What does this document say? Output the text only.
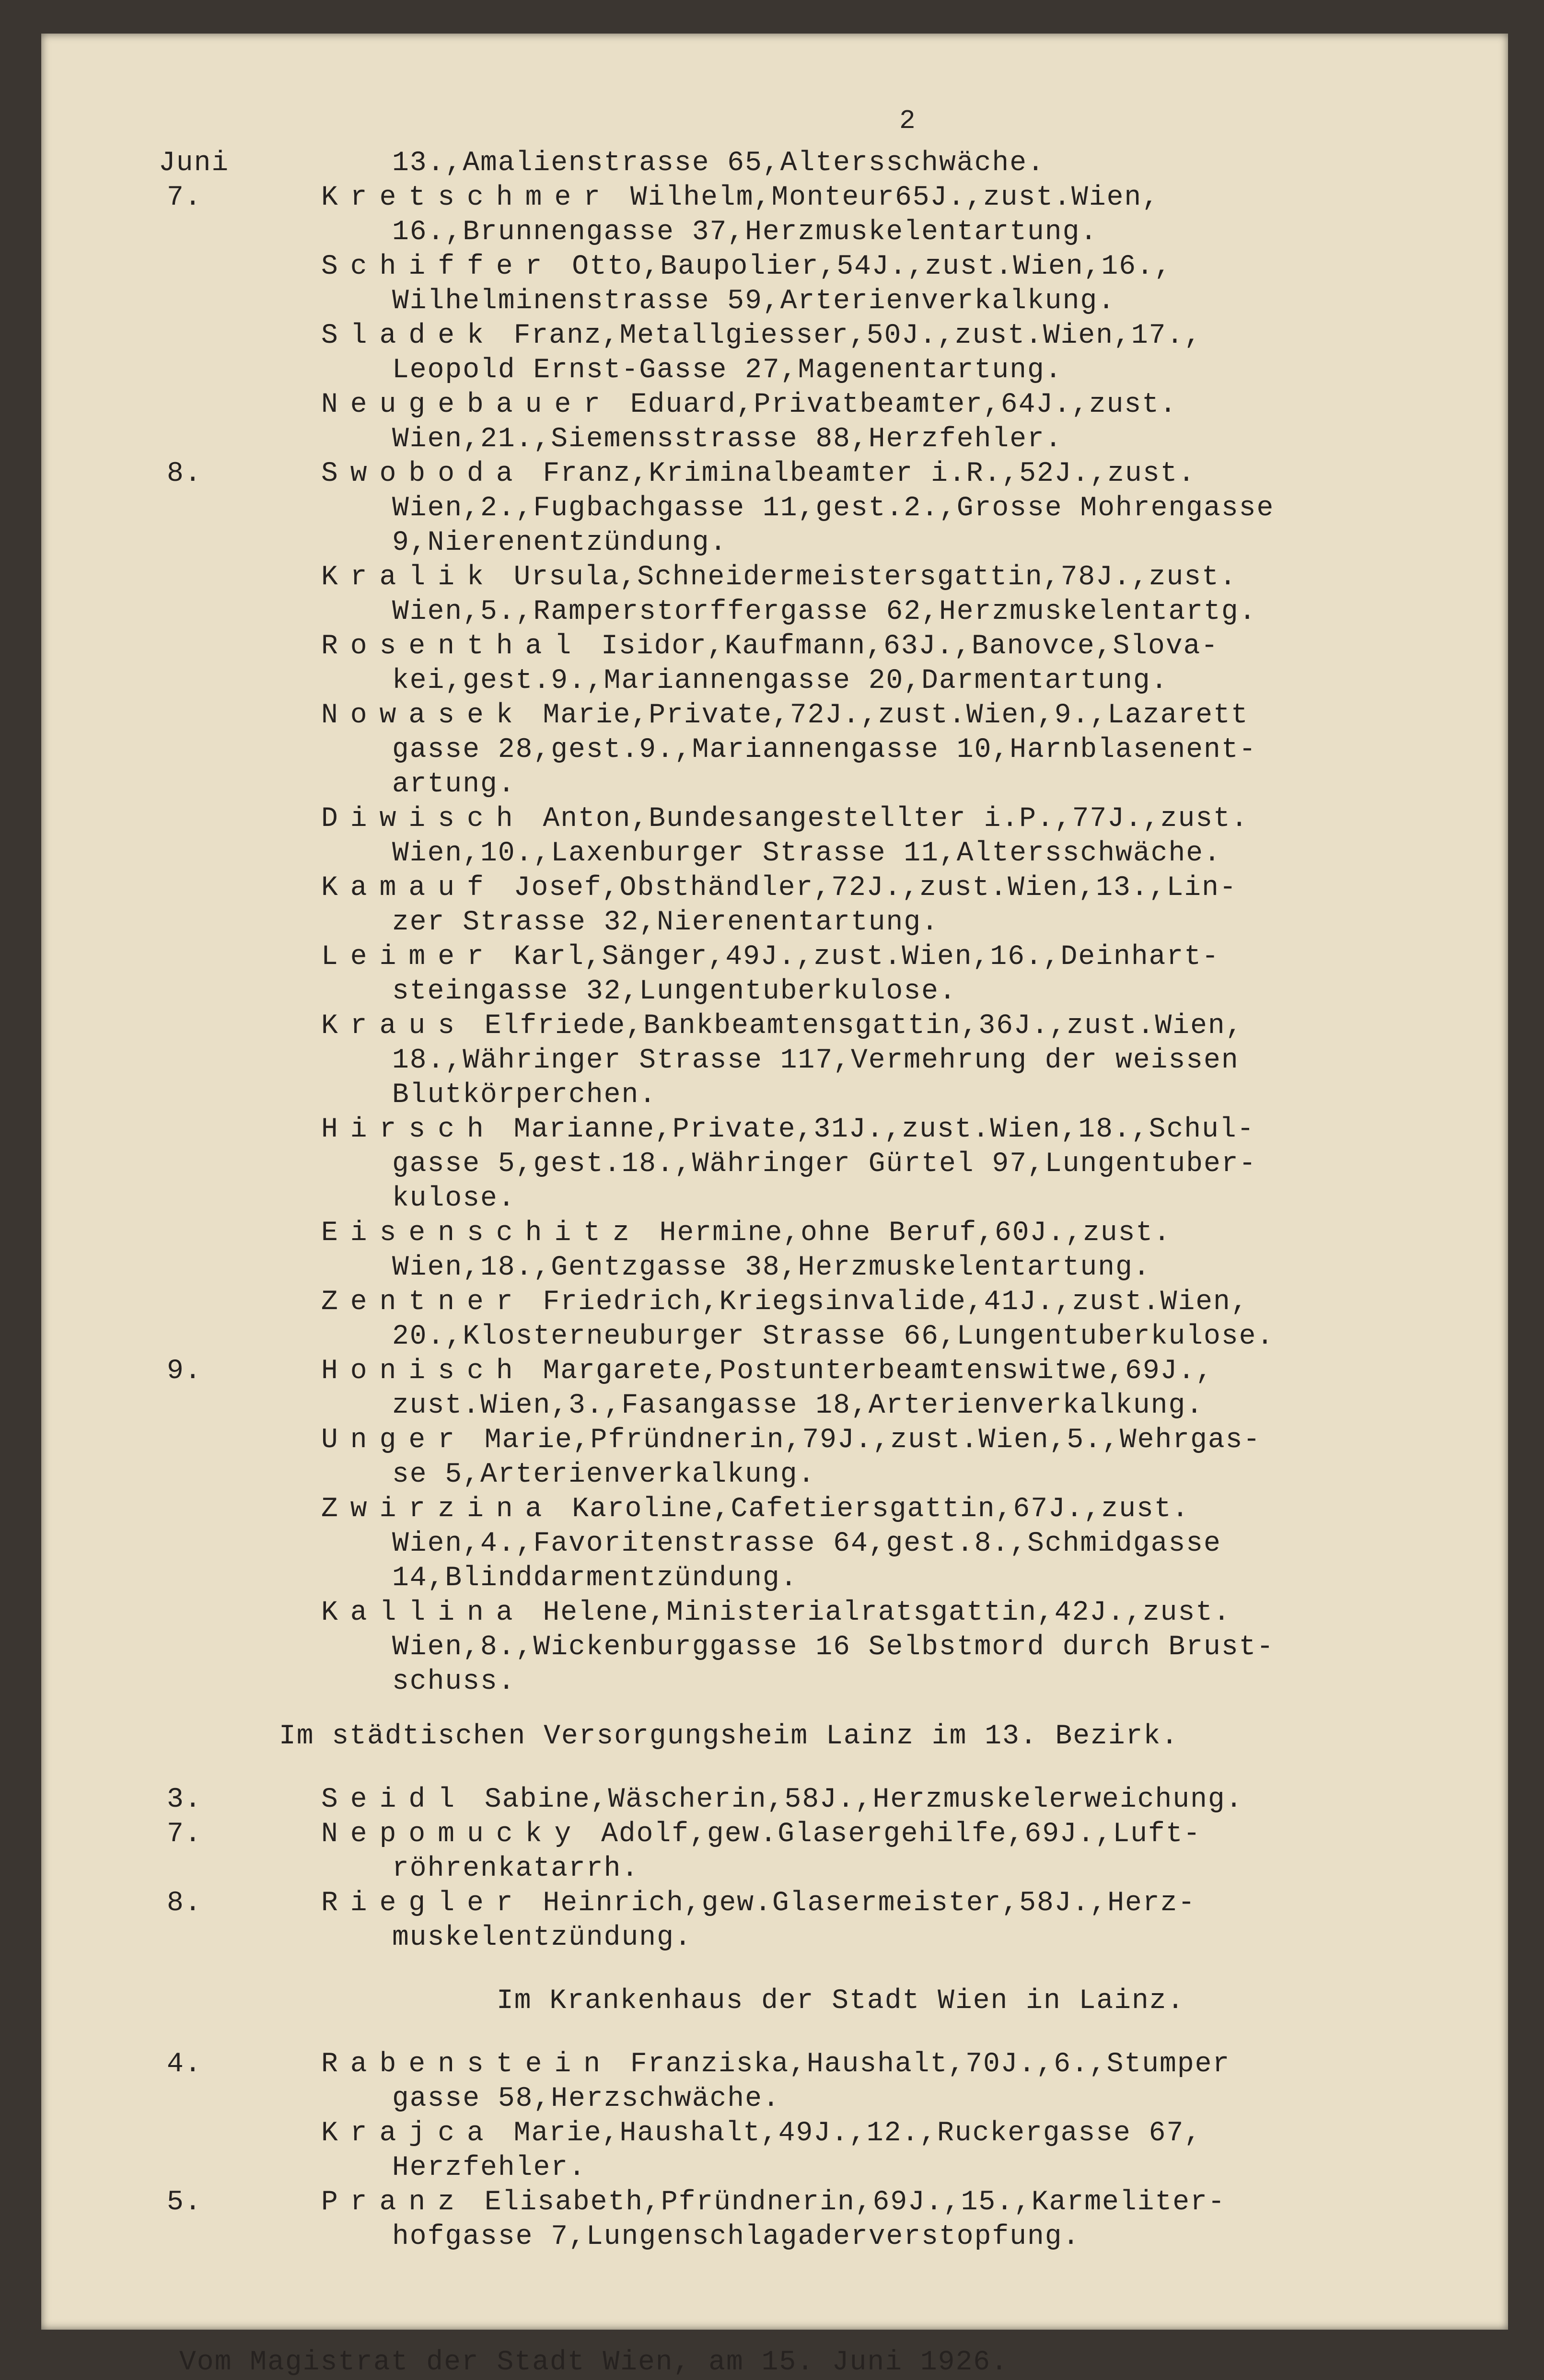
2
Juni	13.,Amalienstrasse 65,Altersschwäche.
7.	Kretschmer Wilhelm,Monteur65J.,zust.Wien,
16.,Brunnengasse 37,Herzmuskelentartung.
Schiffer Otto,Baupolier,54J.,zust.Wien,16.,
Wilhelminenstrasse 59,Arterienverkalkung.
Sladek Franz,Metallgiesser,50J.,zust.Wien,17.,
Leopold Ernst-Gasse 27,Magenentartung.
Neugebauer Eduard,Privatbeamter,64J.,zust.
Wien,21.,Siemensstrasse 88,Herzfehler.
8.	Swoboda Franz,Kriminalbeamter i.R.,52J.,zust.
Wien,2.,Fugbachgasse 11,gest.2.,Grosse Mohrengasse
9,Nierenentzündung.
Kralik Ursula,Schneidermeistersgattin,78J.,zust.
Wien,5.,Ramperstorffergasse 62,Herzmuskelentartg.
Rosenthal Isidor,Kaufmann,63J.,Banovce,Slova-
kei,gest.9.,Mariannengasse 20,Darmentartung.
Nowasek Marie,Private,72J.,zust.Wien,9.,Lazarett
gasse 28,gest.9.,Mariannengasse 10,Harnblasenent-
artung.
Diwisch Anton,Bundesangestellter i.P.,77J.,zust.
Wien,10.,Laxenburger Strasse 11,Altersschwäche.
Kamauf Josef,Obsthändler,72J.,zust.Wien,13.,Lin-
zer Strasse 32,Nierenentartung.
Leimer Karl,Sänger,49J.,zust.Wien,16.,Deinhart-
steingasse 32,Lungentuberkulose.
Kraus Elfriede,Bankbeamtensgattin,36J.,zust.Wien,
18.,Währinger Strasse 117,Vermehrung der weissen
Blutkörperchen.
Hirsch Marianne,Private,31J.,zust.Wien,18.,Schul-
gasse 5,gest.18.,Währinger Gürtel 97,Lungentuber-
kulose.
Eisenschitz Hermine,ohne Beruf,60J.,zust.
Wien,18.,Gentzgasse 38,Herzmuskelentartung.
Zentner Friedrich,Kriegsinvalide,41J.,zust.Wien,
20.,Klosterneuburger Strasse 66,Lungentuberkulose.
9.	Honisch Margarete,Postunterbeamtenswitwe,69J.,
zust.Wien,3.,Fasangasse 18,Arterienverkalkung.
Unger Marie,Pfründnerin,79J.,zust.Wien,5.,Wehrgas-
se 5,Arterienverkalkung.
Zwirzina Karoline,Cafetiersgattin,67J.,zust.
Wien,4.,Favoritenstrasse 64,gest.8.,Schmidgasse
14,Blinddarmentzündung.
Kallina Helene,Ministerialratsgattin,42J.,zust.
Wien,8.,Wickenburggasse 16 Selbstmord durch Brust-
schuss.
Im städtischen Versorgungsheim Lainz im 13. Bezirk.
3.	Seidl Sabine,Wäscherin,58J.,Herzmuskelerweichung.
7.	Nepomucky Adolf,gew.Glasergehilfe,69J.,Luft-
röhrenkatarrh.
8.	Riegler Heinrich,gew.Glasermeister,58J.,Herz-
muskelentzündung.
Im Krankenhaus der Stadt Wien in Lainz.
4.	Rabenstein Franziska,Haushalt,70J.,6.,Stumper
gasse 58,Herzschwäche.
Krajca Marie,Haushalt,49J.,12.,Ruckergasse 67,
Herzfehler.
5.	Pranz Elisabeth,Pfründnerin,69J.,15.,Karmeliter-
hofgasse 7,Lungenschlagaderverstopfung.
Vom Magistrat der Stadt Wien, am 15. Juni 1926.
